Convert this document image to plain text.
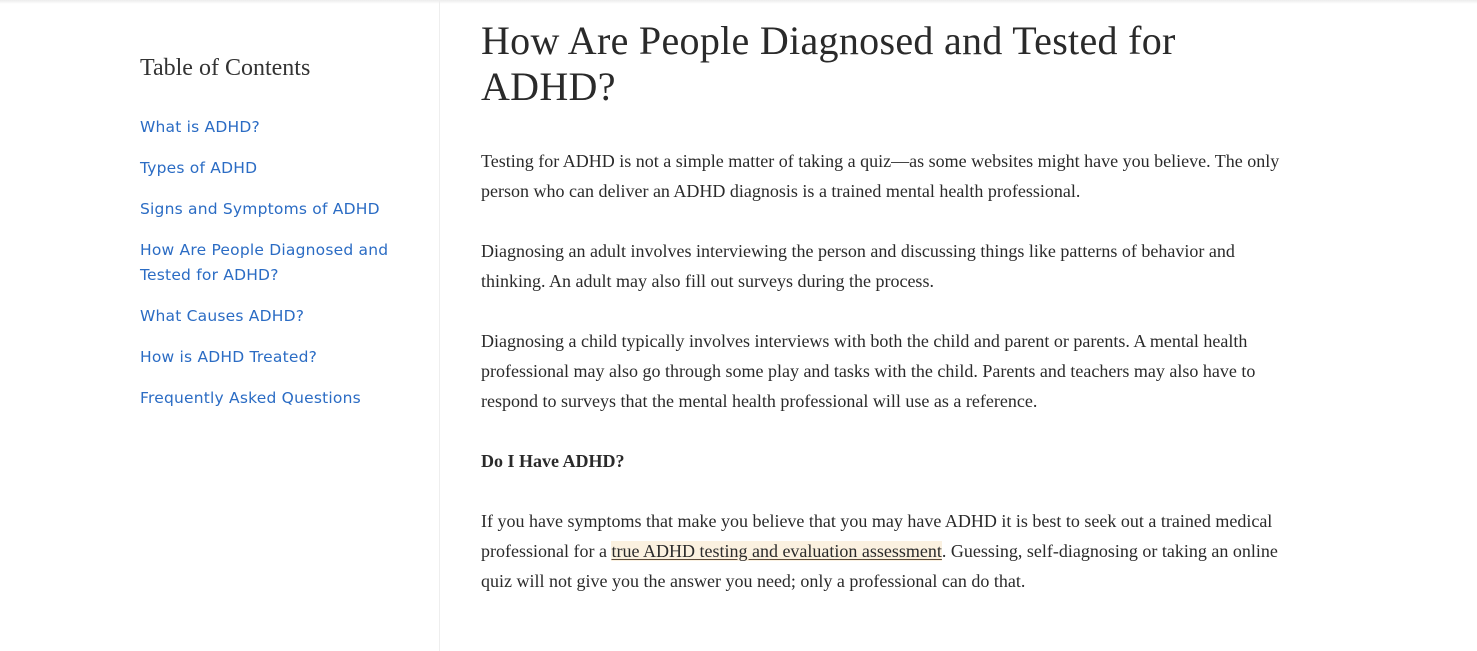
Table of Contents
What is ADHD?
Types of ADHD
Signs and Symptoms of ADHD
How Are People Diagnosed and Tested for ADHD?
What Causes ADHD?
How is ADHD Treated?
Frequently Asked Questions
How Are People Diagnosed and Tested for ADHD?

Testing for ADHD is not a simple matter of taking a quiz—as some websites might have you believe. The only person who can deliver an ADHD diagnosis is a trained mental health professional.

Diagnosing an adult involves interviewing the person and discussing things like patterns of behavior and thinking. An adult may also fill out surveys during the process.

Diagnosing a child typically involves interviews with both the child and parent or parents. A mental health professional may also go through some play and tasks with the child. Parents and teachers may also have to respond to surveys that the mental health professional will use as a reference.

Do I Have ADHD?

If you have symptoms that make you believe that you may have ADHD it is best to seek out a trained medical professional for a true ADHD testing and evaluation assessment. Guessing, self-diagnosing or taking an online quiz will not give you the answer you need; only a professional can do that.
